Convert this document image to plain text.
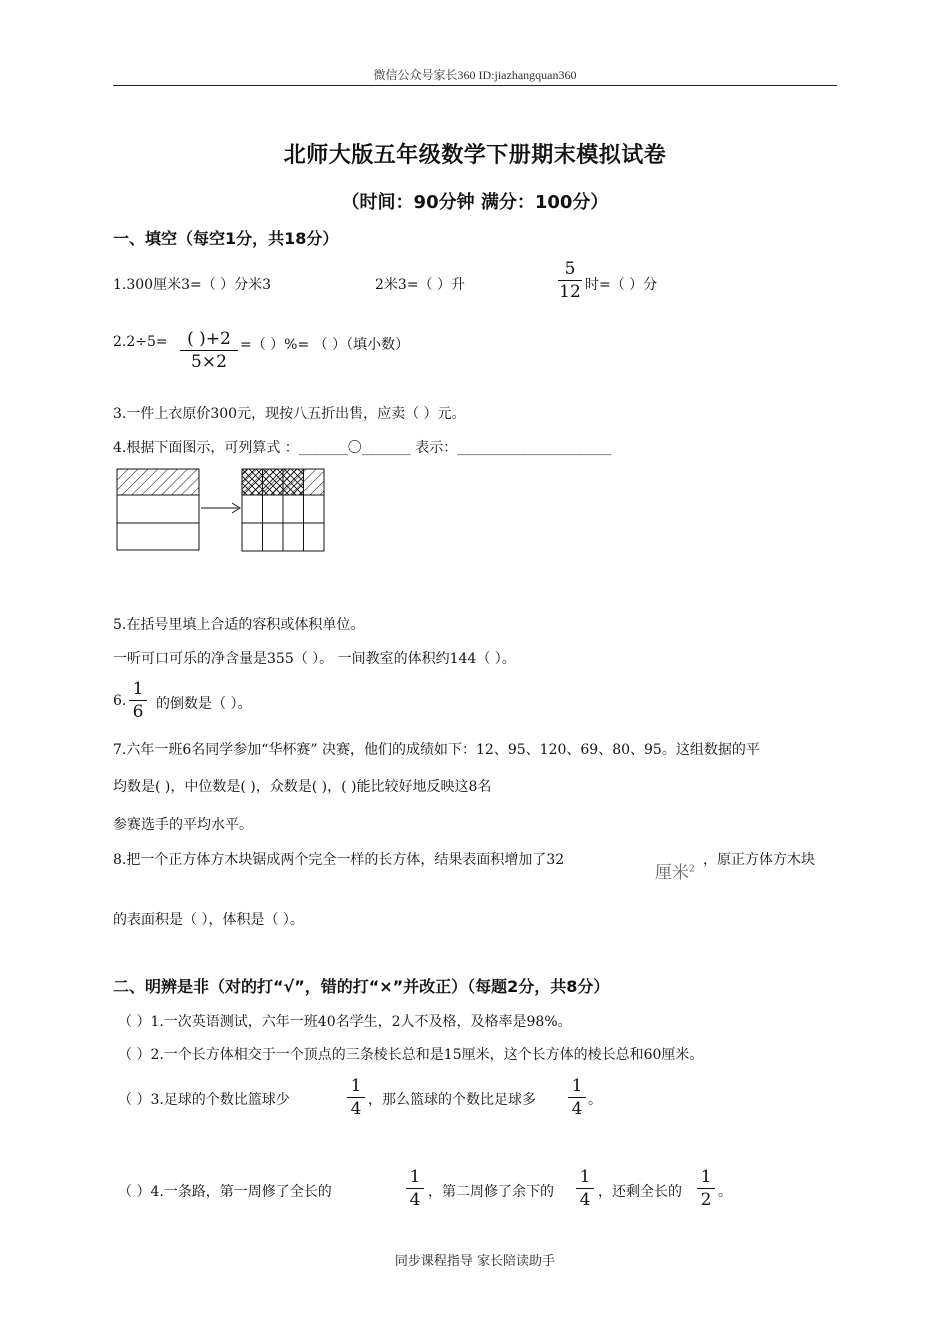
微信公众号家长360 ID:jiazhangquan360
北师大版五年级数学下册期末模拟试卷
（时间：90分钟 满分：100分）
一、填空（每空1分，共18分）
1.300厘米3=（ ）分米3	2米3=（ ）升
5
12 时=（ ）分
2.2÷5=	( )+2
5×2
=（ ）%= （ ）（填小数）
3.一件上衣原价300元，现按八五折出售，应卖（ ）元。
4.根据下面图示，可列算式 ：_______〇_______ 表示：______________________
5.在括号里填上合适的容积或体积单位。
一听可口可乐的净含量是355（ ）。 一间教室的体积约144（ ）。
6.
1
6 的倒数是（ ）。
7.六年一班6名同学参加“华杯赛” 决赛，他们的成绩如下：12、95、120、69、80、95。这组数据的平
均数是( )，中位数是( )，众数是( )，( )能比较好地反映这8名
参赛选手的平均水平。
8.把一个正方体方木块锯成两个完全一样的长方体，结果表面积增加了32
厘米$^2$
，原正方体方木块
的表面积是（ ），体积是（ ）。
二、明辨是非（对的打“√”，错的打“×”并改正）（每题2分，共8分）
（ ）1.一次英语测试，六年一班40名学生，2人不及格，及格率是98%。
（ ）2.一个长方体相交于一个顶点的三条棱长总和是15厘米，这个长方体的棱长总和60厘米。
（ ）3.足球的个数比篮球少
1
4 ，那么篮球的个数比足球多
1
4 。
（ ）4.一条路，第一周修了全长的
1
4 ，第二周修了余下的
1
4 ，还剩全长的
1
2 。
同步课程指导 家长陪读助手
